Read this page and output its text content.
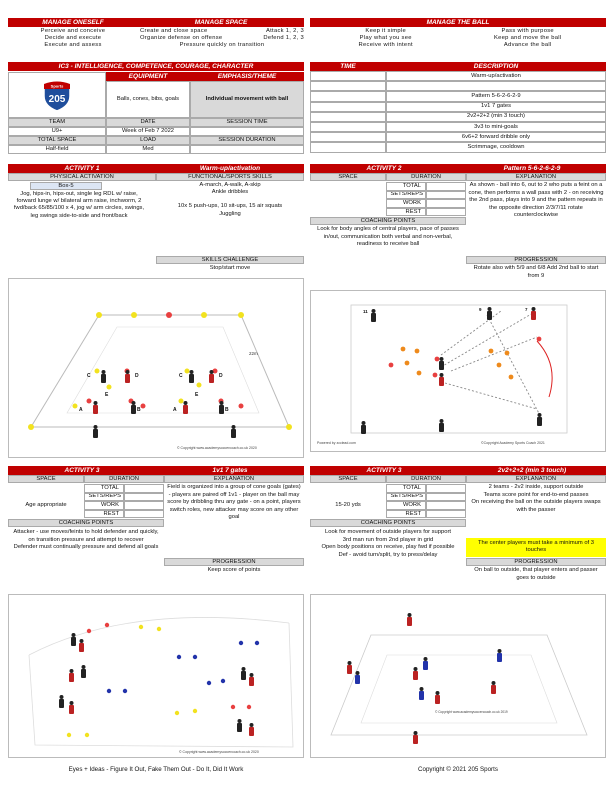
MANAGE ONESELF	MANAGE SPACE	MANAGE THE BALL
Perceive and conceive
Decide and execute
Execute and assess
Create and close space	Attack 1, 2, 3
Organize defense on offense	Defend 1, 2, 3
Pressure quickly on transition
Keep it simple
Play what you see
Receive with intent
Pass with purpose
Keep and move the ball
Advance the ball
IC3 - INTELLIGENCE, COMPETENCE, COURAGE, CHARACTER
Sports
205
EQUIPMENT	EMPHASIS/THEME
Balls, cones, bibs, goals	Individual movement with ball
TEAM	DATE	SESSION TIME
U9+	Week of Feb 7 2022
TOTAL SPACE	LOAD	SESSION DURATION
Half-field	Med
TIME	DESCRIPTION
Warm-up/activation
Pattern 5-6-2-6-2-9
1v1 7 gates
2v2+2+2 (min 3 touch)
3v3 to mini-goals
6v6+2 forward dribble only
Scrimmage, cooldown
ACTIVITY 1	Warm-up/activation
PHYSICAL ACTIVATION	FUNCTIONAL/SPORTS SKILLS
Box-5
Jog, hips-in, hips-out, single leg RDL w/ raise, forward lunge w/ bilateral arm raise, inchworm, 2 fwd/back 65/85/100 x 4, jog w/ arm circles, swings, leg swings side-to-side and front/back
A-march, A-walk, A-skip
Ankle dribbles
10x 5 push-ups, 10 sit-ups, 15 air squats
Juggling
SKILLS CHALLENGE
Stop/start move
C	D
E
A	B
C	D
E
A	B
22m
© Copyright www.academysoccercoach.co.uk 2020
ACTIVITY 2	Pattern 5-6-2-6-2-9
SPACE	DURATION	EXPLANATION
TOTAL
SETS/REPS
WORK
REST
As shown - ball into 6, out to 2 who puts a feint on a cone, then performs a wall pass with 2 - on receiving the 2nd pass, plays into 9 and the pattern repeats in the opposite direction 2/3/7/11 rotate counterclockwise
COACHING POINTS
Look for body angles of central players, pace of passes in/out, communication both verbal and non-verbal, readiness to receive ball
PROGRESSION
Rotate also with 5/9 and 6/8 Add 2nd ball to start from 9
11	9	7
Powered by zcclead.com	©Copyright Academy Sports Coach 2021
ACTIVITY 3	1v1 7 gates
SPACE	DURATION	EXPLANATION
Age appropriate
TOTAL
SETS/REPS
WORK
REST
Field is organized into a group of cone goals (gates) - players are paired off 1v1 - player on the ball may score by dribbling thru any gate - on a point, players switch roles, new attacker may score on any other goal
COACHING POINTS
Attacker - use moves/feints to hold defender and quickly, on transition pressure and attempt to recover
Defender must continually pressure and defend all goals
PROGRESSION
Keep score of points
© Copyright www.academysoccercoach.co.uk 2020
ACTIVITY 3	2v2+2+2 (min 3 touch)
SPACE	DURATION	EXPLANATION
15-20 yds
TOTAL
SETS/REPS
WORK
REST
2 teams - 2v2 inside, support outside
Teams score point for end-to-end passes
On receiving the ball on the outside players swaps with the passer
The center players must take a minimum of 3 touches
COACHING POINTS
Look for movement of outside players for support
3rd man run from 2nd player in grid
Open body positions on receive, play fwd if possible
Def - avoid turn/split, try to press/delay
PROGRESSION
On ball to outside, that player enters and passer goes to outside
© Copyright www.academysoccercoach.co.uk 2019
Eyes + Ideas - Figure It Out, Fake Them Out - Do It, Did It Work	Copyright © 2021 205 Sports
